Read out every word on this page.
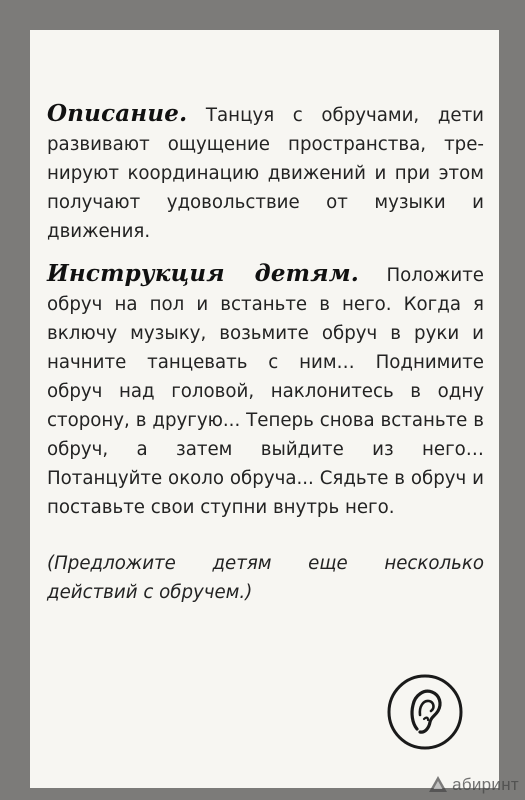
Описание. Танцуя с обручами, дети развивают ощущение пространства, тренируют координацию движений и при этом получают удовольствие от музыки и движения.
Инструкция детям. Положите обруч на пол и встаньте в него. Когда я включу музыку, возьмите обруч в руки и начните танцевать с ним… Поднимите обруч над головой, наклонитесь в одну сторону, в другую... Теперь снова встаньте в обруч, а затем выйдите из него… Потанцуйте около обруча... Сядьте в обруч и поставьте свои ступни внутрь него.
(Предложите детям еще несколько действий с обручем.)
абиринт
